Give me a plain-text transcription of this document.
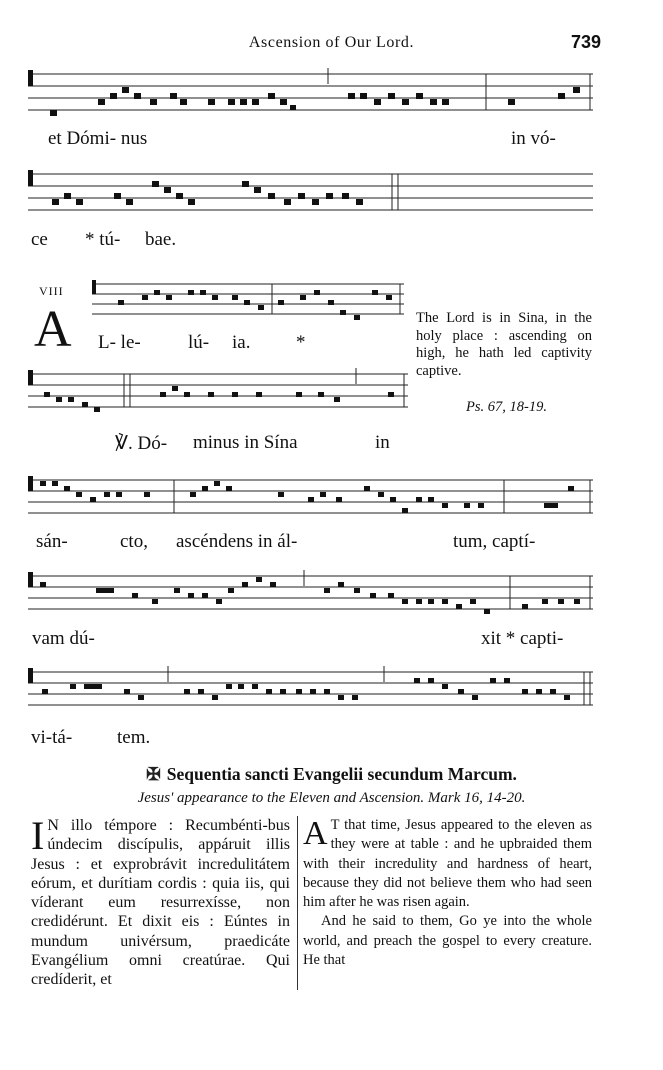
Ascension of Our Lord.	739
et Dómi- nus	in vó-
ce * tú- bae.
VIII
A L- le- lú- ia. *
℣. Dó- minus in Sína	in
The Lord is in Sina, in the holy place : ascending on high, he hath led captivity captive.
Ps. 67, 18-19.
sán-	cto, ascéndens in ál-	tum, captí-
vam dú-	xit * capti-
vi-tá- tem.
✠ Sequentia sancti Evangelii secundum Marcum.
Jesus' appearance to the Eleven and Ascension. Mark 16, 14-20.
I N illo témpore : Recumbénti-bus úndecim discípulis, appáruit illis Jesus : et exprobrávit incredulitátem eórum, et durítiam cordis : quia iis, qui víderant eum resurrexísse, non credidérunt. Et dixit eis : Eúntes in mundum univérsum, praedicáte Evangélium omni creatúrae. Qui credíderit, et
A T that time, Jesus appeared to the eleven as they were at table : and he upbraided them with their incredulity and hardness of heart, because they did not believe them who had seen him after he was risen again.
And he said to them, Go ye into the whole world, and preach the gospel to every creature. He that
